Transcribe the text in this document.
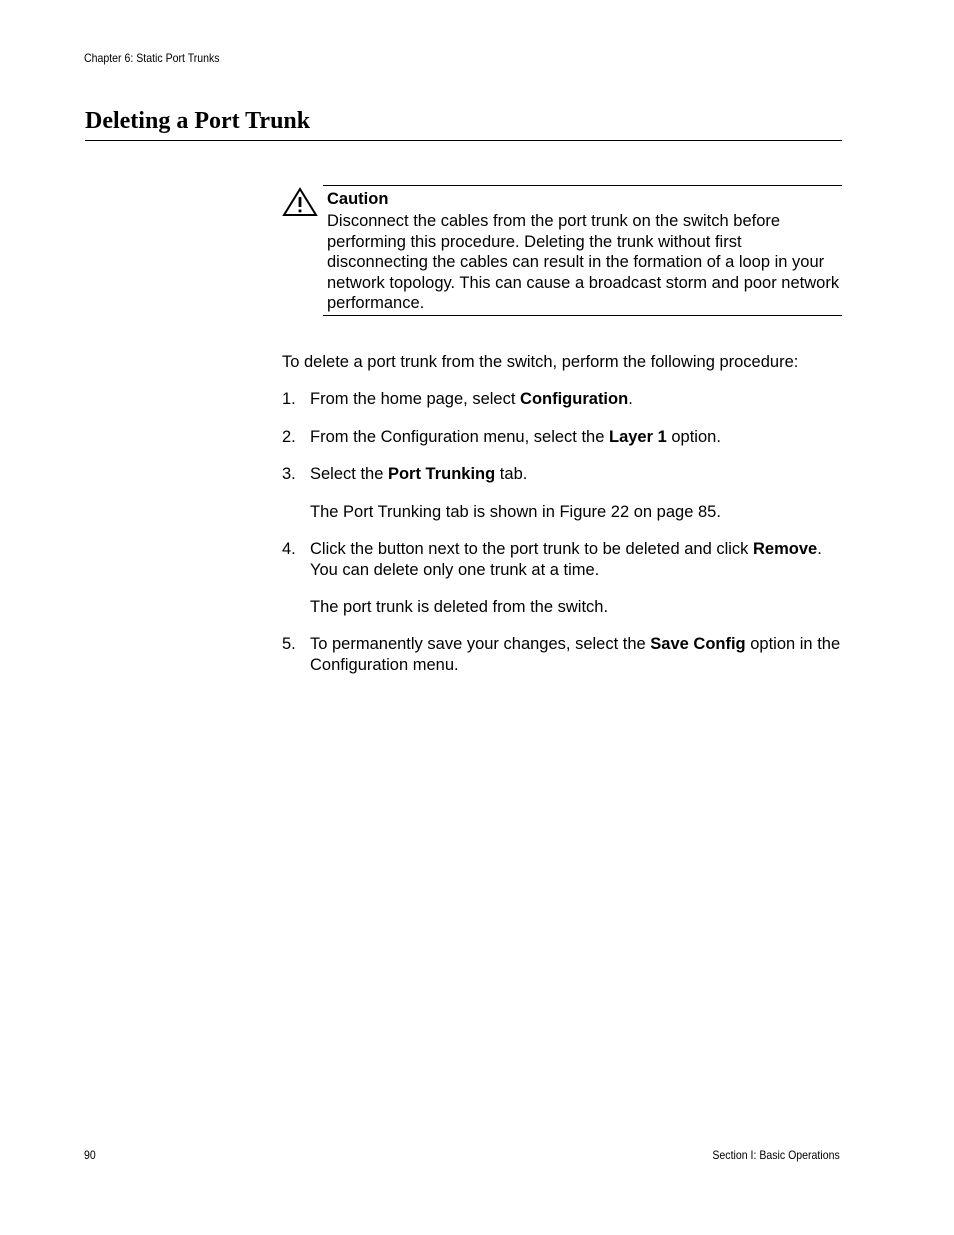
Chapter 6: Static Port Trunks
Deleting a Port Trunk
Caution
Disconnect the cables from the port trunk on the switch before performing this procedure. Deleting the trunk without first disconnecting the cables can result in the formation of a loop in your network topology. This can cause a broadcast storm and poor network performance.
To delete a port trunk from the switch, perform the following procedure:
1. From the home page, select Configuration.
2. From the Configuration menu, select the Layer 1 option.
3. Select the Port Trunking tab.
The Port Trunking tab is shown in Figure 22 on page 85.
4. Click the button next to the port trunk to be deleted and click Remove. You can delete only one trunk at a time.
The port trunk is deleted from the switch.
5. To permanently save your changes, select the Save Config option in the Configuration menu.
90	Section I: Basic Operations
